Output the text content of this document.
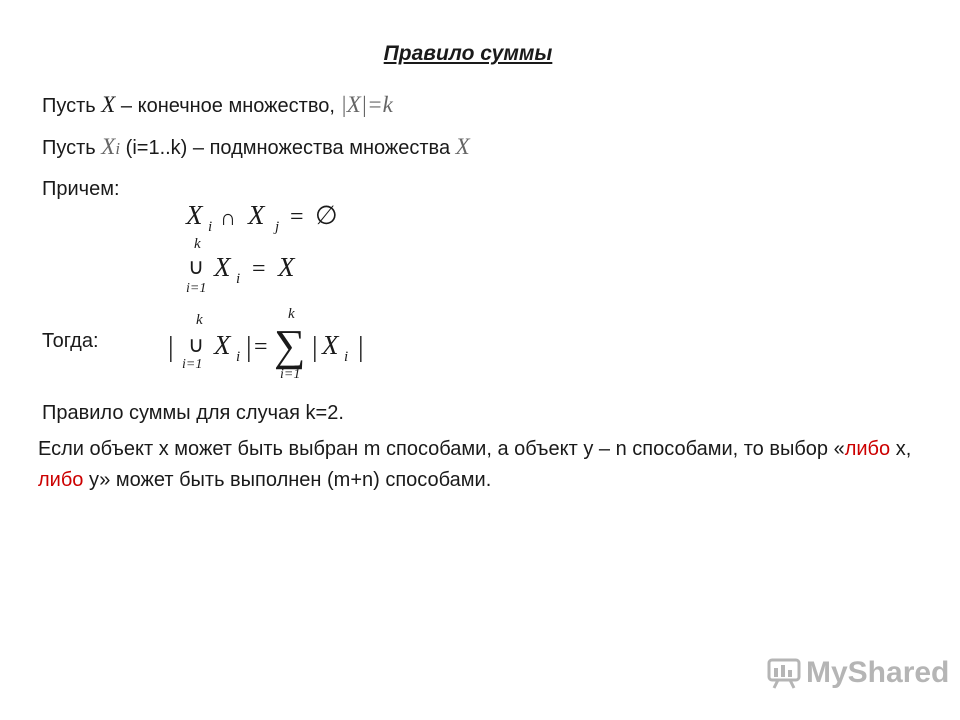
Правило суммы
Пусть X – конечное множество, |X|=k
Пусть Xi (i=1..k) – подмножества множества X
Причем:
X i ∩ X j = ∅
k
∪
i=1
X i = X
Тогда: |
k
∪
i=1
X i | =
k
∑
i=1
| X i |
Правило суммы для случая k=2.
Если объект х может быть выбран m способами, а объект у – n способами, то выбор «либо х, либо у» может быть выполнен (m+n) способами.
MyShared
